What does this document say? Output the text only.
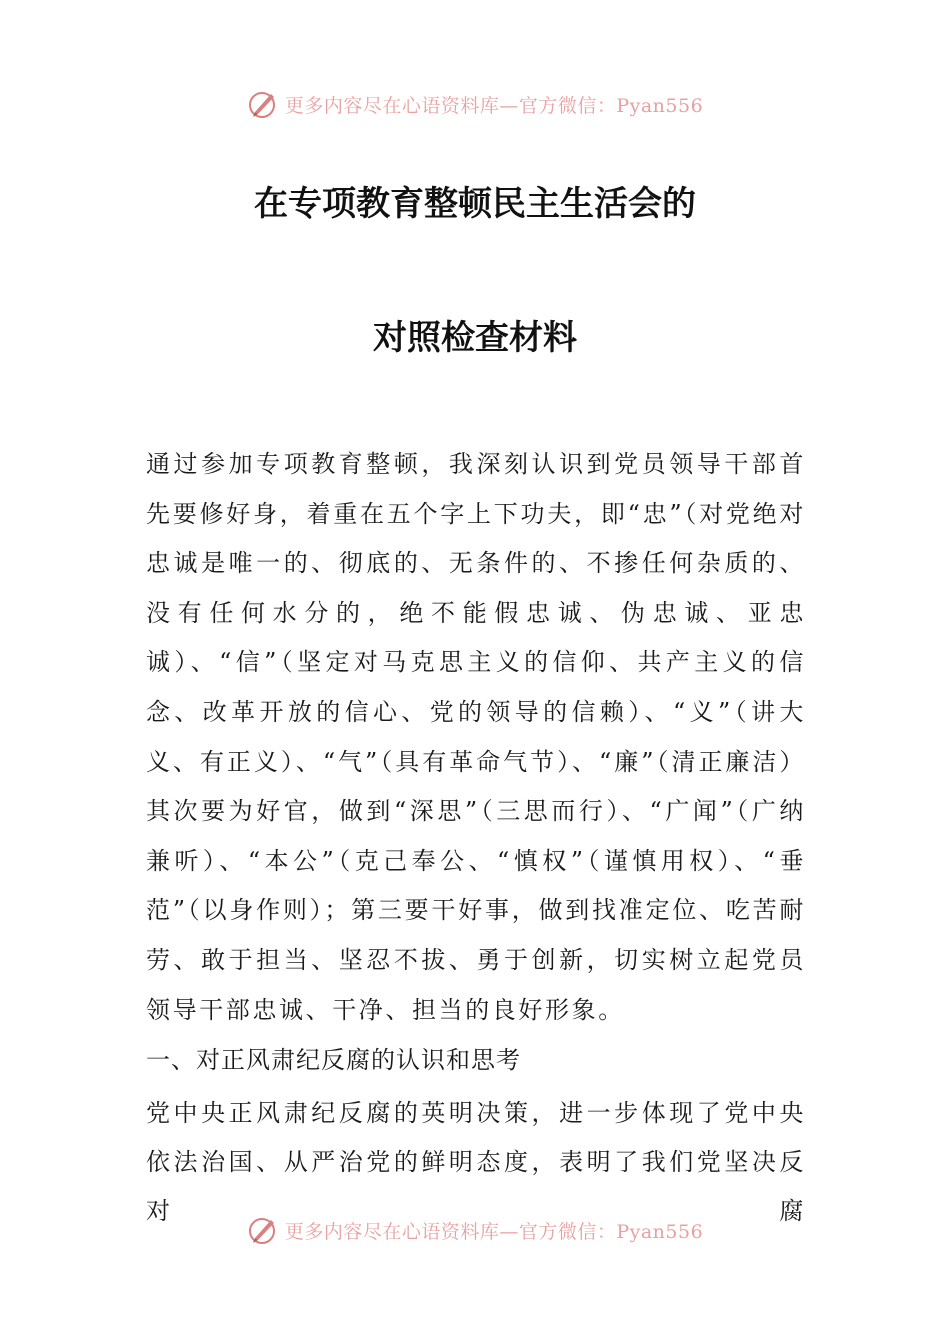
更多内容尽在心语资料库—官方微信：Pyan556
在专项教育整顿民主生活会的
对照检查材料

通过参加专项教育整顿，我深刻认识到党员领导干部首先要修好身，着重在五个字上下功夫，即“忠”（对党绝对忠诚是唯一的、彻底的、无条件的、不掺任何杂质的、没有任何水分的，绝不能假忠诚、伪忠诚、亚忠诚）、“信”（坚定对马克思主义的信仰、共产主义的信念、改革开放的信心、党的领导的信赖）、“义”（讲大义、有正义）、“气”（具有革命气节）、“廉”（清正廉洁）其次要为好官，做到“深思”（三思而行）、“广闻”（广纳兼听）、“本公”（克己奉公、“慎权”（谨慎用权）、“垂范”（以身作则）；第三要干好事，做到找准定位、吃苦耐劳、敢于担当、坚忍不拔、勇于创新，切实树立起党员领导干部忠诚、干净、担当的良好形象。

一、对正风肃纪反腐的认识和思考

党中央正风肃纪反腐的英明决策，进一步体现了党中央依法治国、从严治党的鲜明态度，表明了我们党坚决反对腐

更多内容尽在心语资料库—官方微信：Pyan556
